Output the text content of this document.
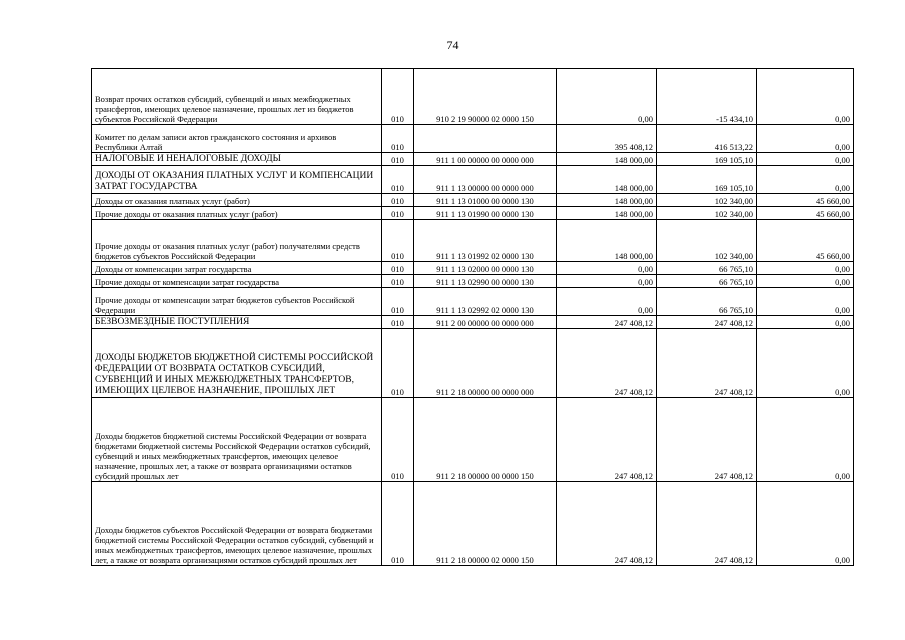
74
Возврат прочих остатков субсидий, субвенций и иных межбюджетных трансфертов, имеющих целевое назначение, прошлых лет из бюджетов субъектов Российской Федерации	010	910 2 19 90000 02 0000 150	0,00	-15 434,10	0,00
Комитет по делам записи актов гражданского состояния и архивов Республики Алтай	010		395 408,12	416 513,22	0,00
НАЛОГОВЫЕ И НЕНАЛОГОВЫЕ ДОХОДЫ	010	911 1 00 00000 00 0000 000	148 000,00	169 105,10	0,00
ДОХОДЫ ОТ ОКАЗАНИЯ ПЛАТНЫХ УСЛУГ И КОМПЕНСАЦИИ ЗАТРАТ ГОСУДАРСТВА	010	911 1 13 00000 00 0000 000	148 000,00	169 105,10	0,00
Доходы от оказания платных услуг (работ)	010	911 1 13 01000 00 0000 130	148 000,00	102 340,00	45 660,00
Прочие доходы от оказания платных услуг (работ)	010	911 1 13 01990 00 0000 130	148 000,00	102 340,00	45 660,00
Прочие доходы от оказания платных услуг (работ) получателями средств бюджетов субъектов Российской Федерации	010	911 1 13 01992 02 0000 130	148 000,00	102 340,00	45 660,00
Доходы от компенсации затрат государства	010	911 1 13 02000 00 0000 130	0,00	66 765,10	0,00
Прочие доходы от компенсации затрат государства	010	911 1 13 02990 00 0000 130	0,00	66 765,10	0,00
Прочие доходы от компенсации затрат бюджетов субъектов Российской Федерации	010	911 1 13 02992 02 0000 130	0,00	66 765,10	0,00
БЕЗВОЗМЕЗДНЫЕ ПОСТУПЛЕНИЯ	010	911 2 00 00000 00 0000 000	247 408,12	247 408,12	0,00
ДОХОДЫ БЮДЖЕТОВ БЮДЖЕТНОЙ СИСТЕМЫ РОССИЙСКОЙ ФЕДЕРАЦИИ ОТ ВОЗВРАТА ОСТАТКОВ СУБСИДИЙ, СУБВЕНЦИЙ И ИНЫХ МЕЖБЮДЖЕТНЫХ ТРАНСФЕРТОВ, ИМЕЮЩИХ ЦЕЛЕВОЕ НАЗНАЧЕНИЕ, ПРОШЛЫХ ЛЕТ	010	911 2 18 00000 00 0000 000	247 408,12	247 408,12	0,00
Доходы бюджетов бюджетной системы Российской Федерации от возврата бюджетами бюджетной системы Российской Федерации остатков субсидий, субвенций и иных межбюджетных трансфертов, имеющих целевое назначение, прошлых лет, а также от возврата организациями остатков субсидий прошлых лет	010	911 2 18 00000 00 0000 150	247 408,12	247 408,12	0,00
Доходы бюджетов субъектов Российской Федерации от возврата бюджетами бюджетной системы Российской Федерации остатков субсидий, субвенций и иных межбюджетных трансфертов, имеющих целевое назначение, прошлых лет, а также от возврата организациями остатков субсидий прошлых лет	010	911 2 18 00000 02 0000 150	247 408,12	247 408,12	0,00
